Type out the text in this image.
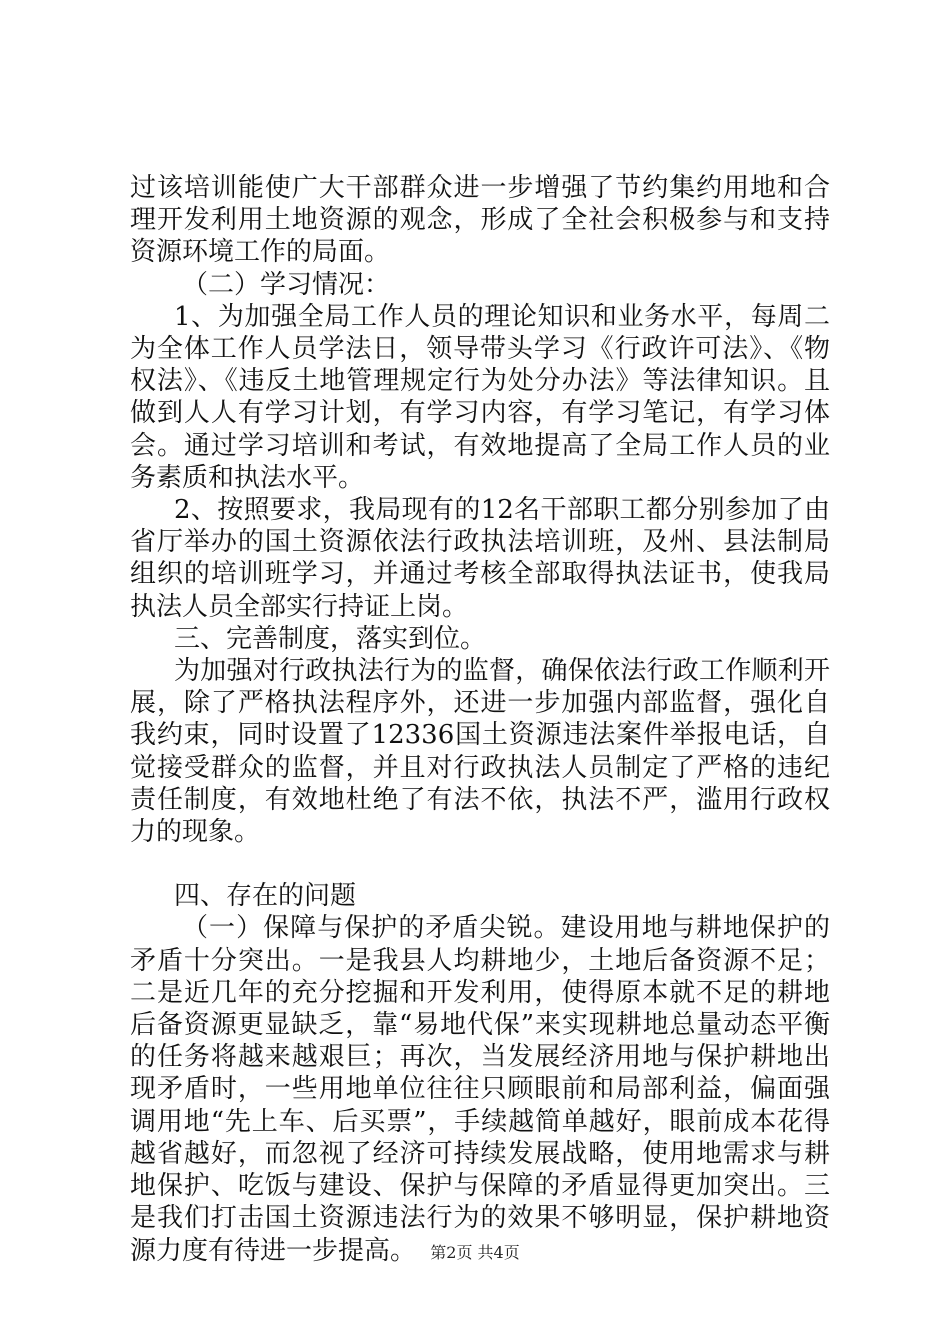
过该培训能使广大干部群众进一步增强了节约集约用地和合理开发利用土地资源的观念，形成了全社会积极参与和支持资源环境工作的局面。

（二）学习情况：

1、为加强全局工作人员的理论知识和业务水平，每周二为全体工作人员学法日，领导带头学习《行政许可法》、《物权法》、《违反土地管理规定行为处分办法》等法律知识。且做到人人有学习计划，有学习内容，有学习笔记，有学习体会。通过学习培训和考试，有效地提高了全局工作人员的业务素质和执法水平。

2、按照要求，我局现有的12名干部职工都分别参加了由省厅举办的国土资源依法行政执法培训班，及州、县法制局组织的培训班学习，并通过考核全部取得执法证书，使我局执法人员全部实行持证上岗。

三、完善制度，落实到位。

为加强对行政执法行为的监督，确保依法行政工作顺利开展，除了严格执法程序外，还进一步加强内部监督，强化自我约束，同时设置了12336国土资源违法案件举报电话，自觉接受群众的监督，并且对行政执法人员制定了严格的违纪责任制度，有效地杜绝了有法不依，执法不严，滥用行政权力的现象。

四、存在的问题

（一）保障与保护的矛盾尖锐。建设用地与耕地保护的矛盾十分突出。一是我县人均耕地少，土地后备资源不足；二是近几年的充分挖掘和开发利用，使得原本就不足的耕地后备资源更显缺乏，靠“易地代保”来实现耕地总量动态平衡的任务将越来越艰巨；再次，当发展经济用地与保护耕地出现矛盾时，一些用地单位往往只顾眼前和局部利益，偏面强调用地“先上车、后买票”，手续越简单越好，眼前成本花得越省越好，而忽视了经济可持续发展战略，使用地需求与耕地保护、吃饭与建设、保护与保障的矛盾显得更加突出。三是我们打击国土资源违法行为的效果不够明显，保护耕地资源力度有待进一步提高。 第2页 共4页
